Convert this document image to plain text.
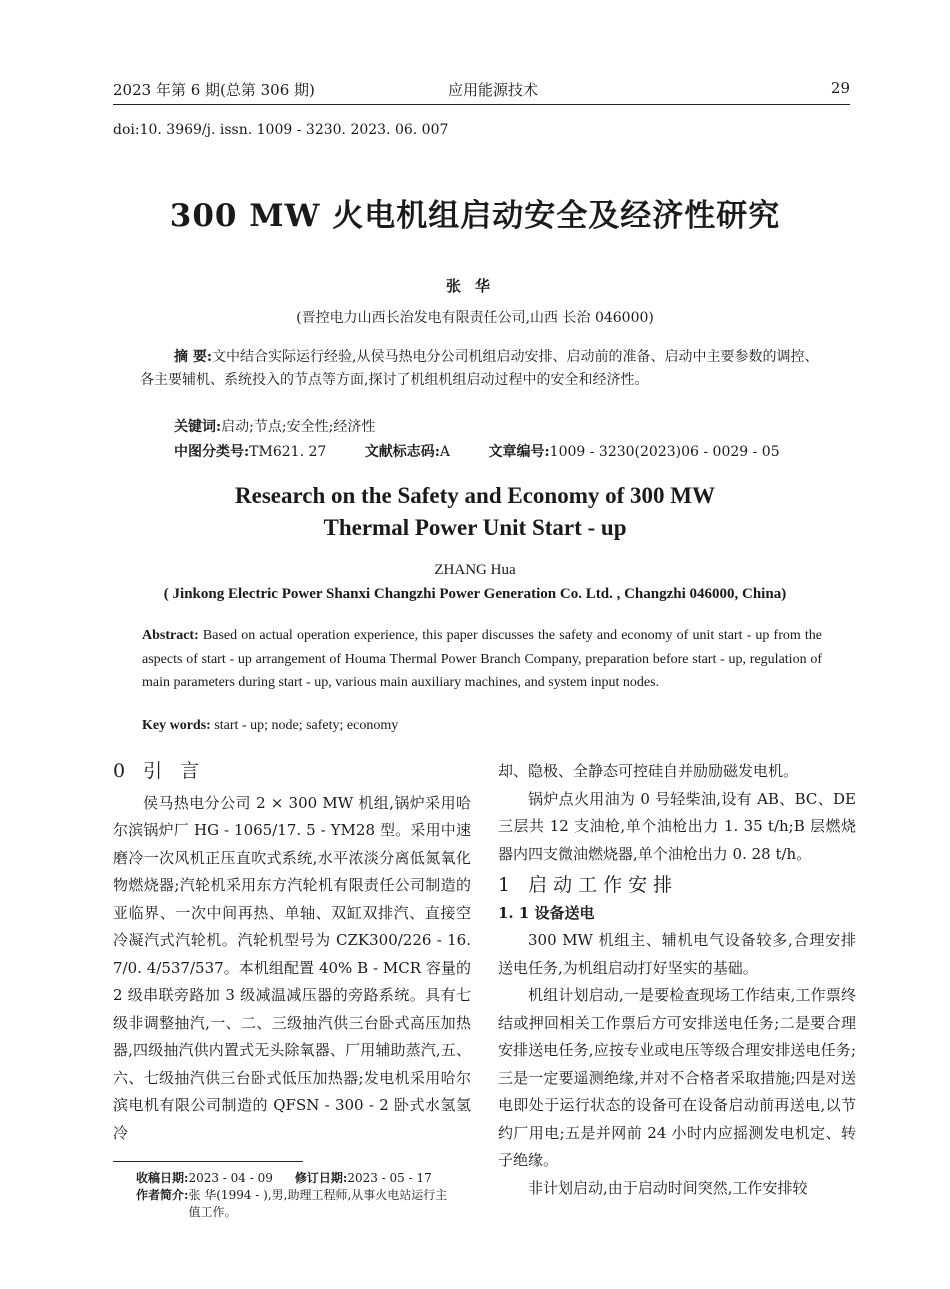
2023 年第 6 期(总第 306 期)	应用能源技术	29
doi:10. 3969/j. issn. 1009 - 3230. 2023. 06. 007
300 MW 火电机组启动安全及经济性研究
张华
(晋控电力山西长治发电有限责任公司,山西 长治 046000)
摘 要:文中结合实际运行经验,从侯马热电分公司机组启动安排、启动前的准备、启动中主要参数的调控、各主要辅机、系统投入的节点等方面,探讨了机组机组启动过程中的安全和经济性。
关键词:启动;节点;安全性;经济性
中图分类号:TM621. 27	文献标志码:A	文章编号:1009 - 3230(2023)06 - 0029 - 05
Research on the Safety and Economy of 300 MW
Thermal Power Unit Start - up
ZHANG Hua
( Jinkong Electric Power Shanxi Changzhi Power Generation Co. Ltd. , Changzhi 046000, China)
Abstract: Based on actual operation experience, this paper discusses the safety and economy of unit start - up from the aspects of start - up arrangement of Houma Thermal Power Branch Company, preparation before start - up, regulation of main parameters during start - up, various main auxiliary machines, and system input nodes.
Key words: start - up; node; safety; economy

0 引 言

侯马热电分公司 2 × 300 MW 机组,锅炉采用哈尔滨锅炉厂 HG - 1065/17. 5 - YM28 型。采用中速磨冷一次风机正压直吹式系统,水平浓淡分离低氮氧化物燃烧器;汽轮机采用东方汽轮机有限责任公司制造的亚临界、一次中间再热、单轴、双缸双排汽、直接空冷凝汽式汽轮机。汽轮机型号为 CZK300/226 - 16. 7/0. 4/537/537。本机组配置 40% B - MCR 容量的 2 级串联旁路加 3 级减温减压器的旁路系统。具有七级非调整抽汽,一、二、三级抽汽供三台卧式高压加热器,四级抽汽供内置式无头除氧器、厂用辅助蒸汽,五、六、七级抽汽供三台卧式低压加热器;发电机采用哈尔滨电机有限公司制造的 QFSN - 300 - 2 卧式水氢氢冷

却、隐极、全静态可控硅自并励励磁发电机。

锅炉点火用油为 0 号轻柴油,设有 AB、BC、DE 三层共 12 支油枪,单个油枪出力 1. 35 t/h;B 层燃烧器内四支微油燃烧器,单个油枪出力 0. 28 t/h。

1 启动工作安排

1. 1 设备送电

300 MW 机组主、辅机电气设备较多,合理安排送电任务,为机组启动打好坚实的基础。

机组计划启动,一是要检查现场工作结束,工作票终结或押回相关工作票后方可安排送电任务;二是要合理安排送电任务,应按专业或电压等级合理安排送电任务;三是一定要遥测绝缘,并对不合格者采取措施;四是对送电即处于运行状态的设备可在设备启动前再送电,以节约厂用电;五是并网前 24 小时内应摇测发电机定、转子绝缘。

非计划启动,由于启动时间突然,工作安排较

收稿日期: 2023 - 04 - 09 修订日期: 2023 - 05 - 17
作者简介: 张 华(1994 - ),男,助理工程师,从事火电站运行主值工作。
